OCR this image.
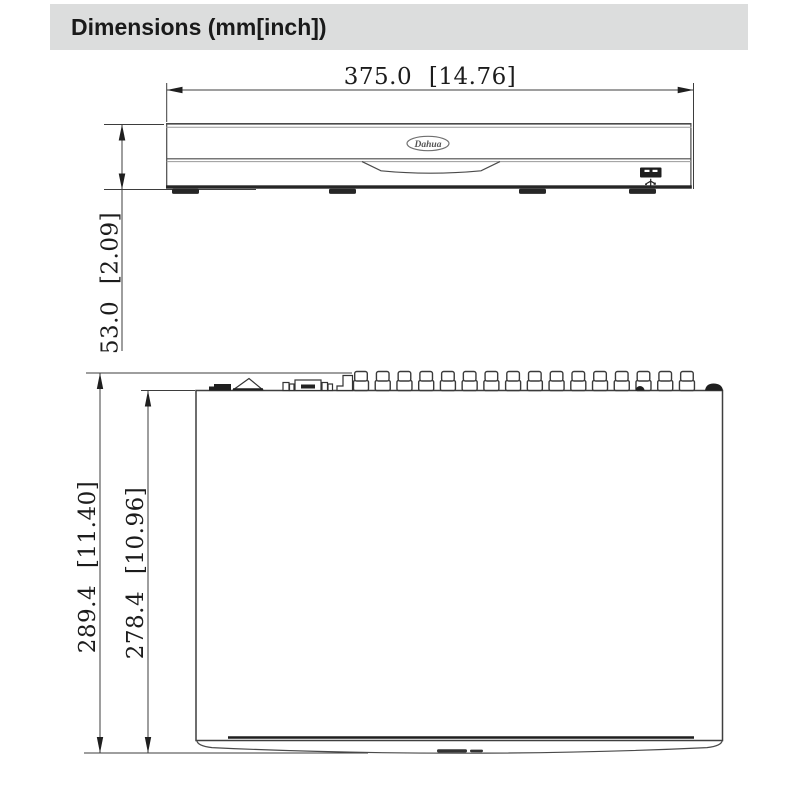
Dimensions (mm[inch])
375.0 [14.76]
53.0 [2.09]
Dahua
289.4 [11.40] 278.4 [10.96]
